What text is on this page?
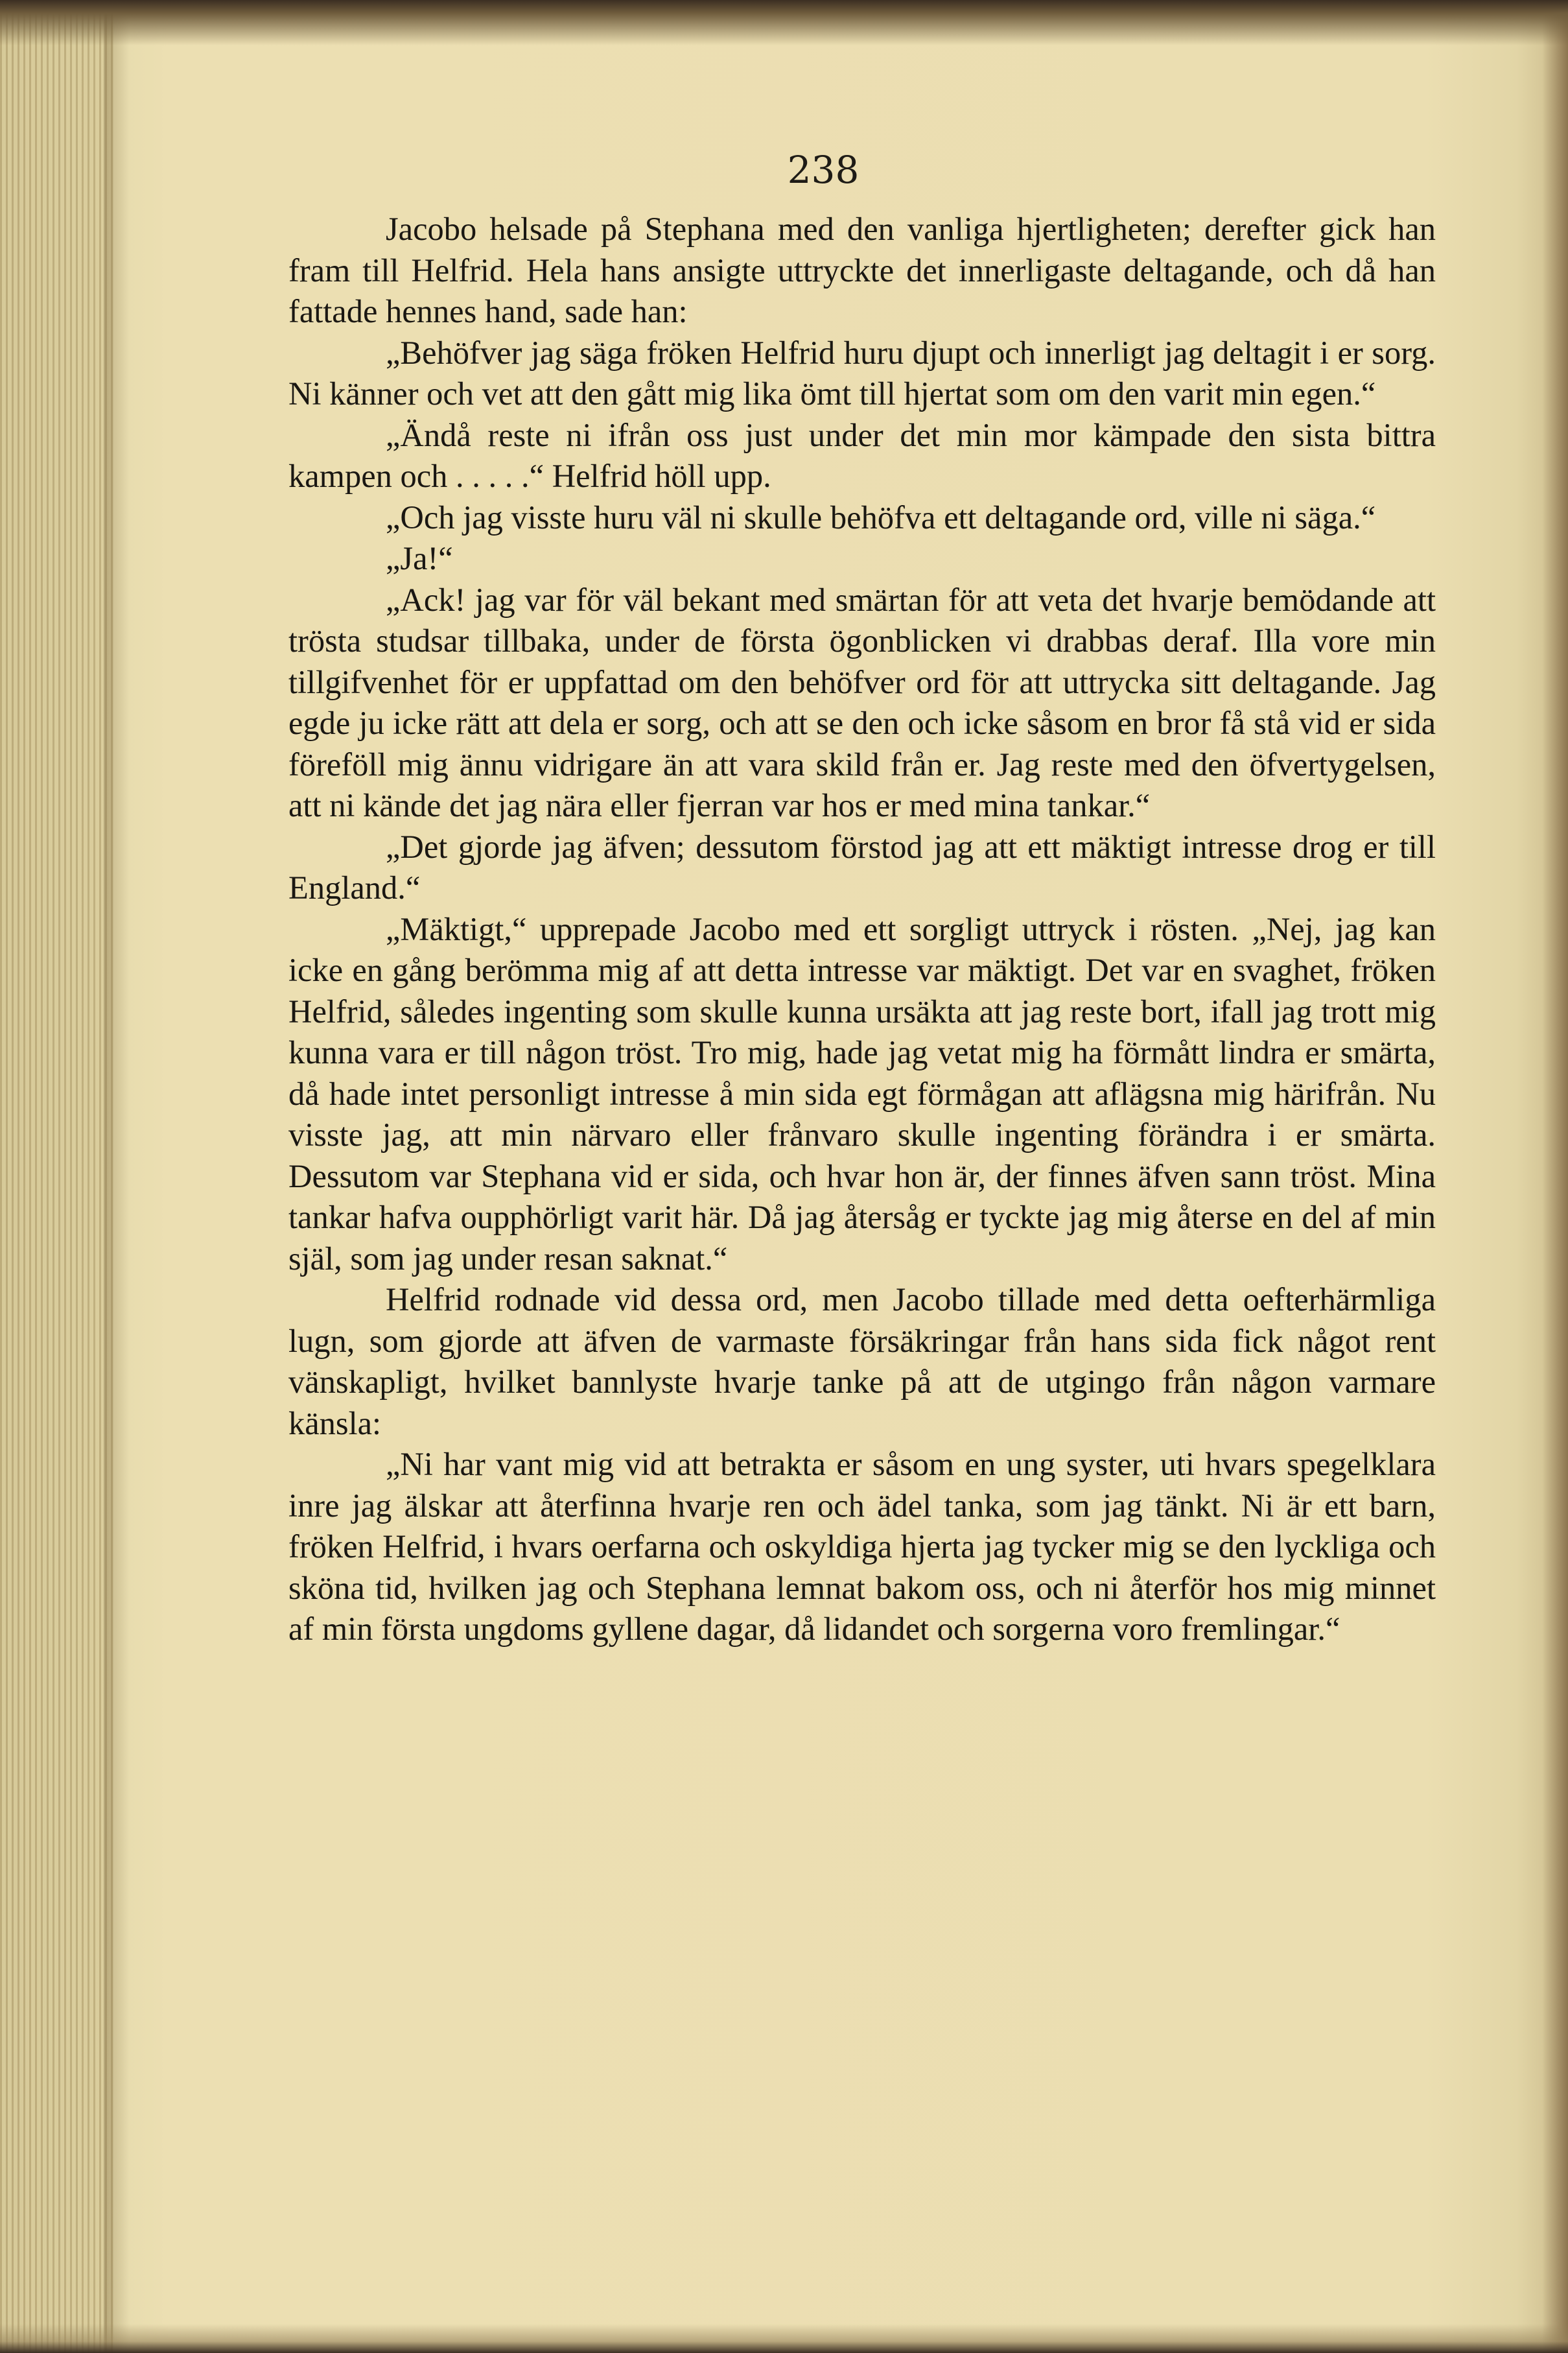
238

Jacobo helsade på Stephana med den vanliga hjertligheten; derefter gick han fram till Helfrid. Hela hans ansigte uttryckte det innerligaste deltagande, och då han fattade hennes hand, sade han:

„Behöfver jag säga fröken Helfrid huru djupt och innerligt jag deltagit i er sorg. Ni känner och vet att den gått mig lika ömt till hjertat som om den varit min egen.“

„Ändå reste ni ifrån oss just under det min mor kämpade den sista bittra kampen och . . . . .“ Helfrid höll upp.

„Och jag visste huru väl ni skulle behöfva ett deltagande ord, ville ni säga.“

„Ja!“

„Ack! jag var för väl bekant med smärtan för att veta det hvarje bemödande att trösta studsar tillbaka, under de första ögonblicken vi drabbas deraf. Illa vore min tillgifvenhet för er uppfattad om den behöfver ord för att uttrycka sitt deltagande. Jag egde ju icke rätt att dela er sorg, och att se den och icke såsom en bror få stå vid er sida föreföll mig ännu vidrigare än att vara skild från er. Jag reste med den öfvertygelsen, att ni kände det jag nära eller fjerran var hos er med mina tankar.“

„Det gjorde jag äfven; dessutom förstod jag att ett mäktigt intresse drog er till England.“

„Mäktigt,“ upprepade Jacobo med ett sorgligt uttryck i rösten. „Nej, jag kan icke en gång berömma mig af att detta intresse var mäktigt. Det var en svaghet, fröken Helfrid, således ingenting som skulle kunna ursäkta att jag reste bort, ifall jag trott mig kunna vara er till någon tröst. Tro mig, hade jag vetat mig ha förmått lindra er smärta, då hade intet personligt intresse å min sida egt förmågan att aflägsna mig härifrån. Nu visste jag, att min närvaro eller frånvaro skulle ingenting förändra i er smärta. Dessutom var Stephana vid er sida, och hvar hon är, der finnes äfven sann tröst. Mina tankar hafva oupphörligt varit här. Då jag återsåg er tyckte jag mig återse en del af min själ, som jag under resan saknat.“

Helfrid rodnade vid dessa ord, men Jacobo tillade med detta oefterhärmliga lugn, som gjorde att äfven de varmaste försäkringar från hans sida fick något rent vänskapligt, hvilket bannlyste hvarje tanke på att de utgingo från någon varmare känsla:

„Ni har vant mig vid att betrakta er såsom en ung syster, uti hvars spegelklara inre jag älskar att återfinna hvarje ren och ädel tanka, som jag tänkt. Ni är ett barn, fröken Helfrid, i hvars oerfarna och oskyldiga hjerta jag tycker mig se den lyckliga och sköna tid, hvilken jag och Stephana lemnat bakom oss, och ni återför hos mig minnet af min första ungdoms gyllene dagar, då lidandet och sorgerna voro fremlingar.“
